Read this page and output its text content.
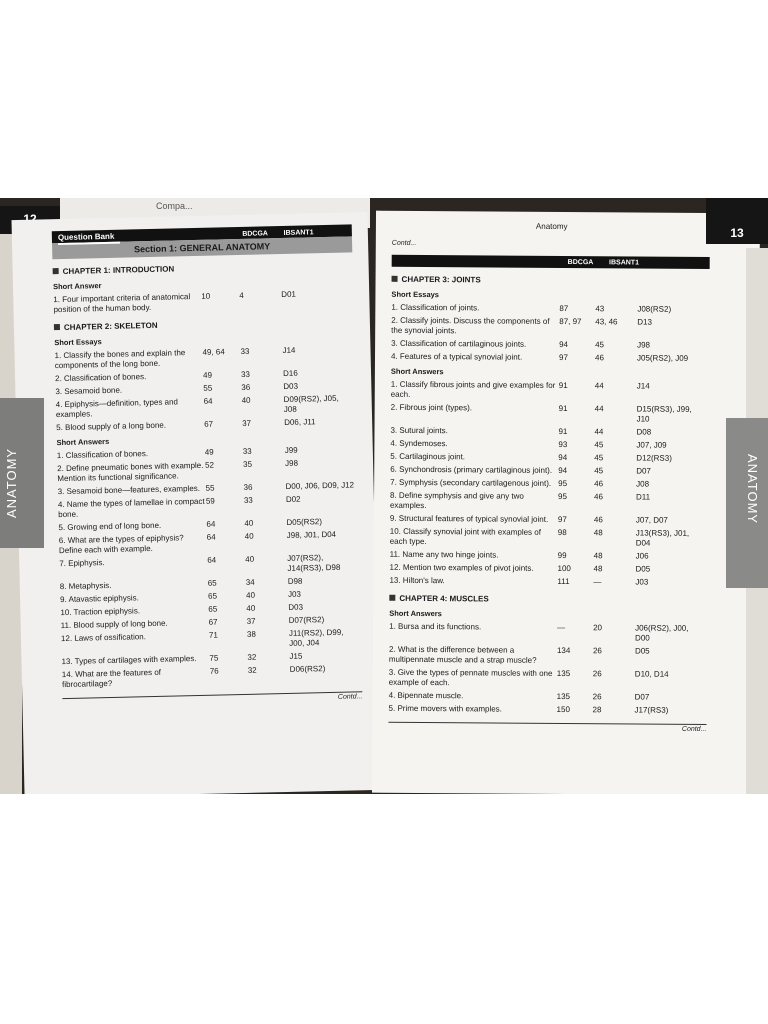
Compa...
Question Bank	BDCGA IBSANT1
Section 1: GENERAL ANATOMY
CHAPTER 1: INTRODUCTION
Short Answer
1. Four important criteria of anatomical position of the human body.
10	4	D01
CHAPTER 2: SKELETON
Short Essays
1. Classify the bones and explain the components of the long bone.
49, 64	33	J14
2. Classification of bones.	49	33	D16
3. Sesamoid bone.	55	36	D03
4. Epiphysis—definition, types and examples.
64	40	D09(RS2), J05, J08
5. Blood supply of a long bone.	67	37	D06, J11
Short Answers
1. Classification of bones.	49	33	J99
2. Define pneumatic bones with example. Mention its functional significance.
52	35	J98
3. Sesamoid bone—features, examples. 55	36	D00, J06, D09, J12
4. Name the types of lamellae in compact bone.
59	33	D02
5. Growing end of long bone.	64	40	D05(RS2)
6. What are the types of epiphysis? Define each with example.
64	40	J98, J01, D04
7. Epiphysis.	64	40	J07(RS2), J14(RS3), D98
8. Metaphysis.	65	34	D98
9. Atavastic epiphysis.	65	40	J03
10. Traction epiphysis.	65	40	D03
11. Blood supply of long bone.	67	37	D07(RS2)
12. Laws of ossification.	71	38	J11(RS2), D99, J00, J04
13. Types of cartilages with examples.	75	32	J15
14. What are the features of fibrocartilage?
76	32	D06(RS2)
Contd...
ANATOMY
Anatomy
Contd...
BDCGA IBSANT1
CHAPTER 3: JOINTS
Short Essays
1. Classification of joints.	87	43	J08(RS2)
2. Classify joints. Discuss the components of the synovial joints.
87, 97	43, 46	D13
3. Classification of cartilaginous joints.	94	45	J98
4. Features of a typical synovial joint.	97	46	J05(RS2), J09
Short Answers
1. Classify fibrous joints and give examples for each.
91	44	J14
2. Fibrous joint (types).	91	44	D15(RS3), J99, J10
3. Sutural joints.	91	44	D08
4. Syndemoses.	93	45	J07, J09
5. Cartilaginous joint.	94	45	D12(RS3)
6. Synchondrosis (primary cartilaginous joint). 94	45	D07
7. Symphysis (secondary cartilagenous joint). 95	46	J08
8. Define symphysis and give any two examples.
95	46	D11
9. Structural features of typical synovial joint.	97	46	J07, D07
10. Classify synovial joint with examples of each type.
98	48	J13(RS3), J01, D04
11. Name any two hinge joints.	99	48	J06
12. Mention two examples of pivot joints.	100	48	D05
13. Hilton's law.	111	—	J03
CHAPTER 4: MUSCLES
Short Answers
1. Bursa and its functions.	—	20	J06(RS2), J00, D00
2. What is the difference between a multipennate muscle and a strap muscle?
134	26	D05
3. Give the types of pennate muscles with one example of each.
135	26	D10, D14
4. Bipennate muscle.	135	26	D07
5. Prime movers with examples.	150	28	J17(RS3)
Contd...
ANATOMY
13
